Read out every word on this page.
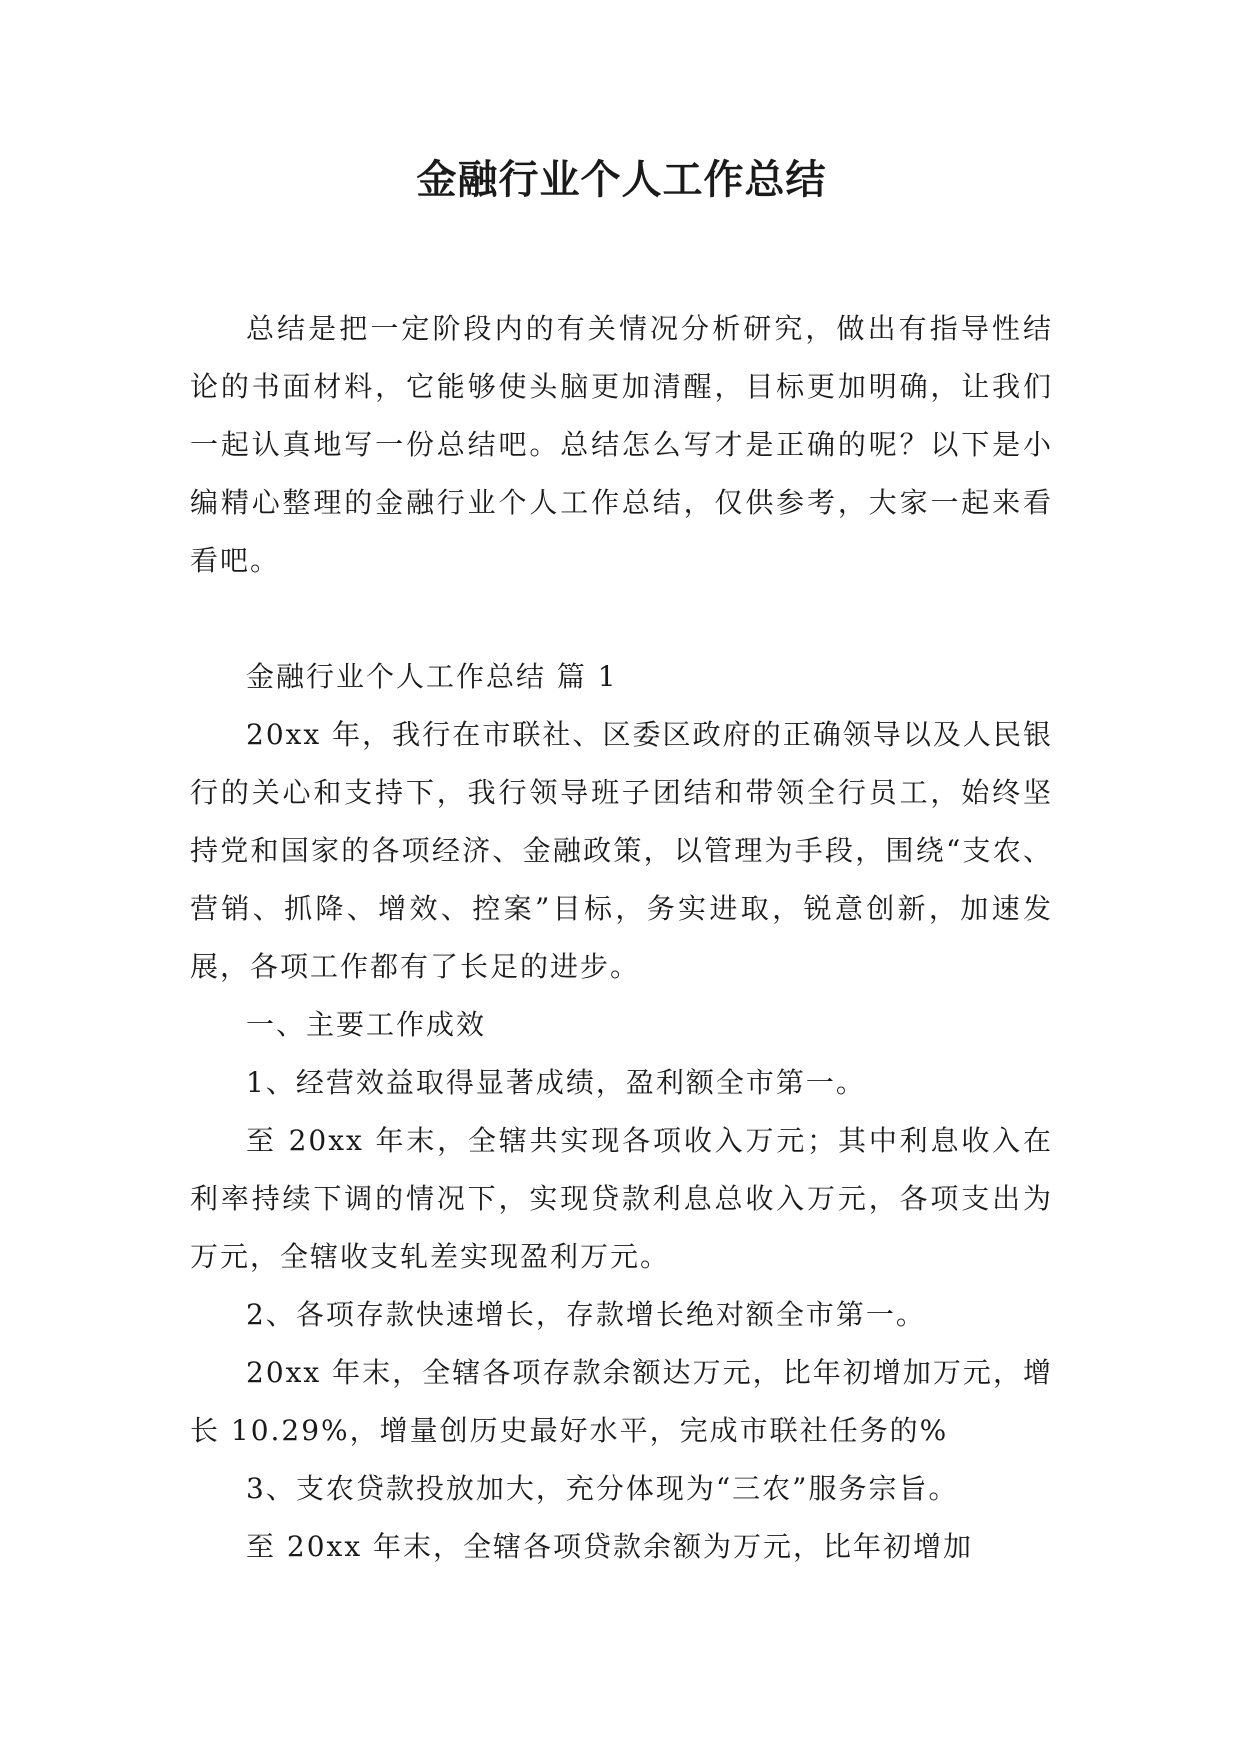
金融行业个人工作总结

总结是把一定阶段内的有关情况分析研究，做出有指导性结论的书面材料，它能够使头脑更加清醒，目标更加明确，让我们一起认真地写一份总结吧。总结怎么写才是正确的呢？以下是小编精心整理的金融行业个人工作总结，仅供参考，大家一起来看看吧。

金融行业个人工作总结 篇 1

20xx 年，我行在市联社、区委区政府的正确领导以及人民银行的关心和支持下，我行领导班子团结和带领全行员工，始终坚持党和国家的各项经济、金融政策，以管理为手段，围绕“支农、营销、抓降、增效、控案”目标，务实进取，锐意创新，加速发展，各项工作都有了长足的进步。

一、主要工作成效

1、经营效益取得显著成绩，盈利额全市第一。

至 20xx 年末，全辖共实现各项收入万元；其中利息收入在利率持续下调的情况下，实现贷款利息总收入万元，各项支出为万元，全辖收支轧差实现盈利万元。

2、各项存款快速增长，存款增长绝对额全市第一。

20xx 年末，全辖各项存款余额达万元，比年初增加万元，增长 10.29%，增量创历史最好水平，完成市联社任务的%

3、支农贷款投放加大，充分体现为“三农”服务宗旨。

至 20xx 年末，全辖各项贷款余额为万元，比年初增加
